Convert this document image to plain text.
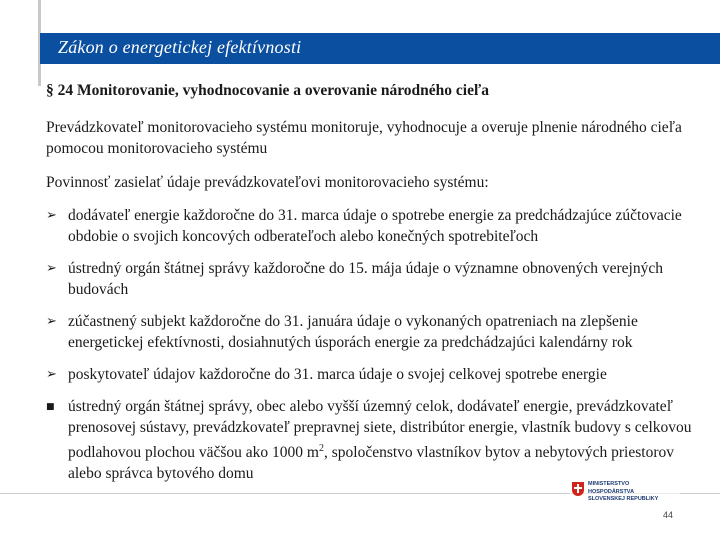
Zákon o energetickej efektívnosti
§ 24 Monitorovanie, vyhodnocovanie a overovanie národného cieľa

Prevádzkovateľ monitorovacieho systému monitoruje, vyhodnocuje a overuje plnenie národného cieľa pomocou monitorovacieho systému

Povinnosť zasielať údaje prevádzkovateľovi monitorovacieho systému:

➢ dodávateľ energie každoročne do 31. marca údaje o spotrebe energie za predchádzajúce zúčtovacie obdobie o svojich koncových odberateľoch alebo konečných spotrebiteľoch
➢ ústredný orgán štátnej správy každoročne do 15. mája údaje o významne obnovených verejných budovách
➢ zúčastnený subjekt každoročne do 31. januára údaje o vykonaných opatreniach na zlepšenie energetickej efektívnosti, dosiahnutých úsporách energie za predchádzajúci kalendárny rok
➢ poskytovateľ údajov každoročne do 31. marca údaje o svojej celkovej spotrebe energie
■ ústredný orgán štátnej správy, obec alebo vyšší územný celok, dodávateľ energie, prevádzkovateľ prenosovej sústavy, prevádzkovateľ prepravnej siete, distribútor energie, vlastník budovy s celkovou podlahovou plochou väčšou ako 1000 $m^2$, spoločenstvo vlastníkov bytov a nebytových priestorov alebo správca bytového domu
MINISTERSTVO
HOSPODÁRSTVA
SLOVENSKEJ REPUBLIKY
44
